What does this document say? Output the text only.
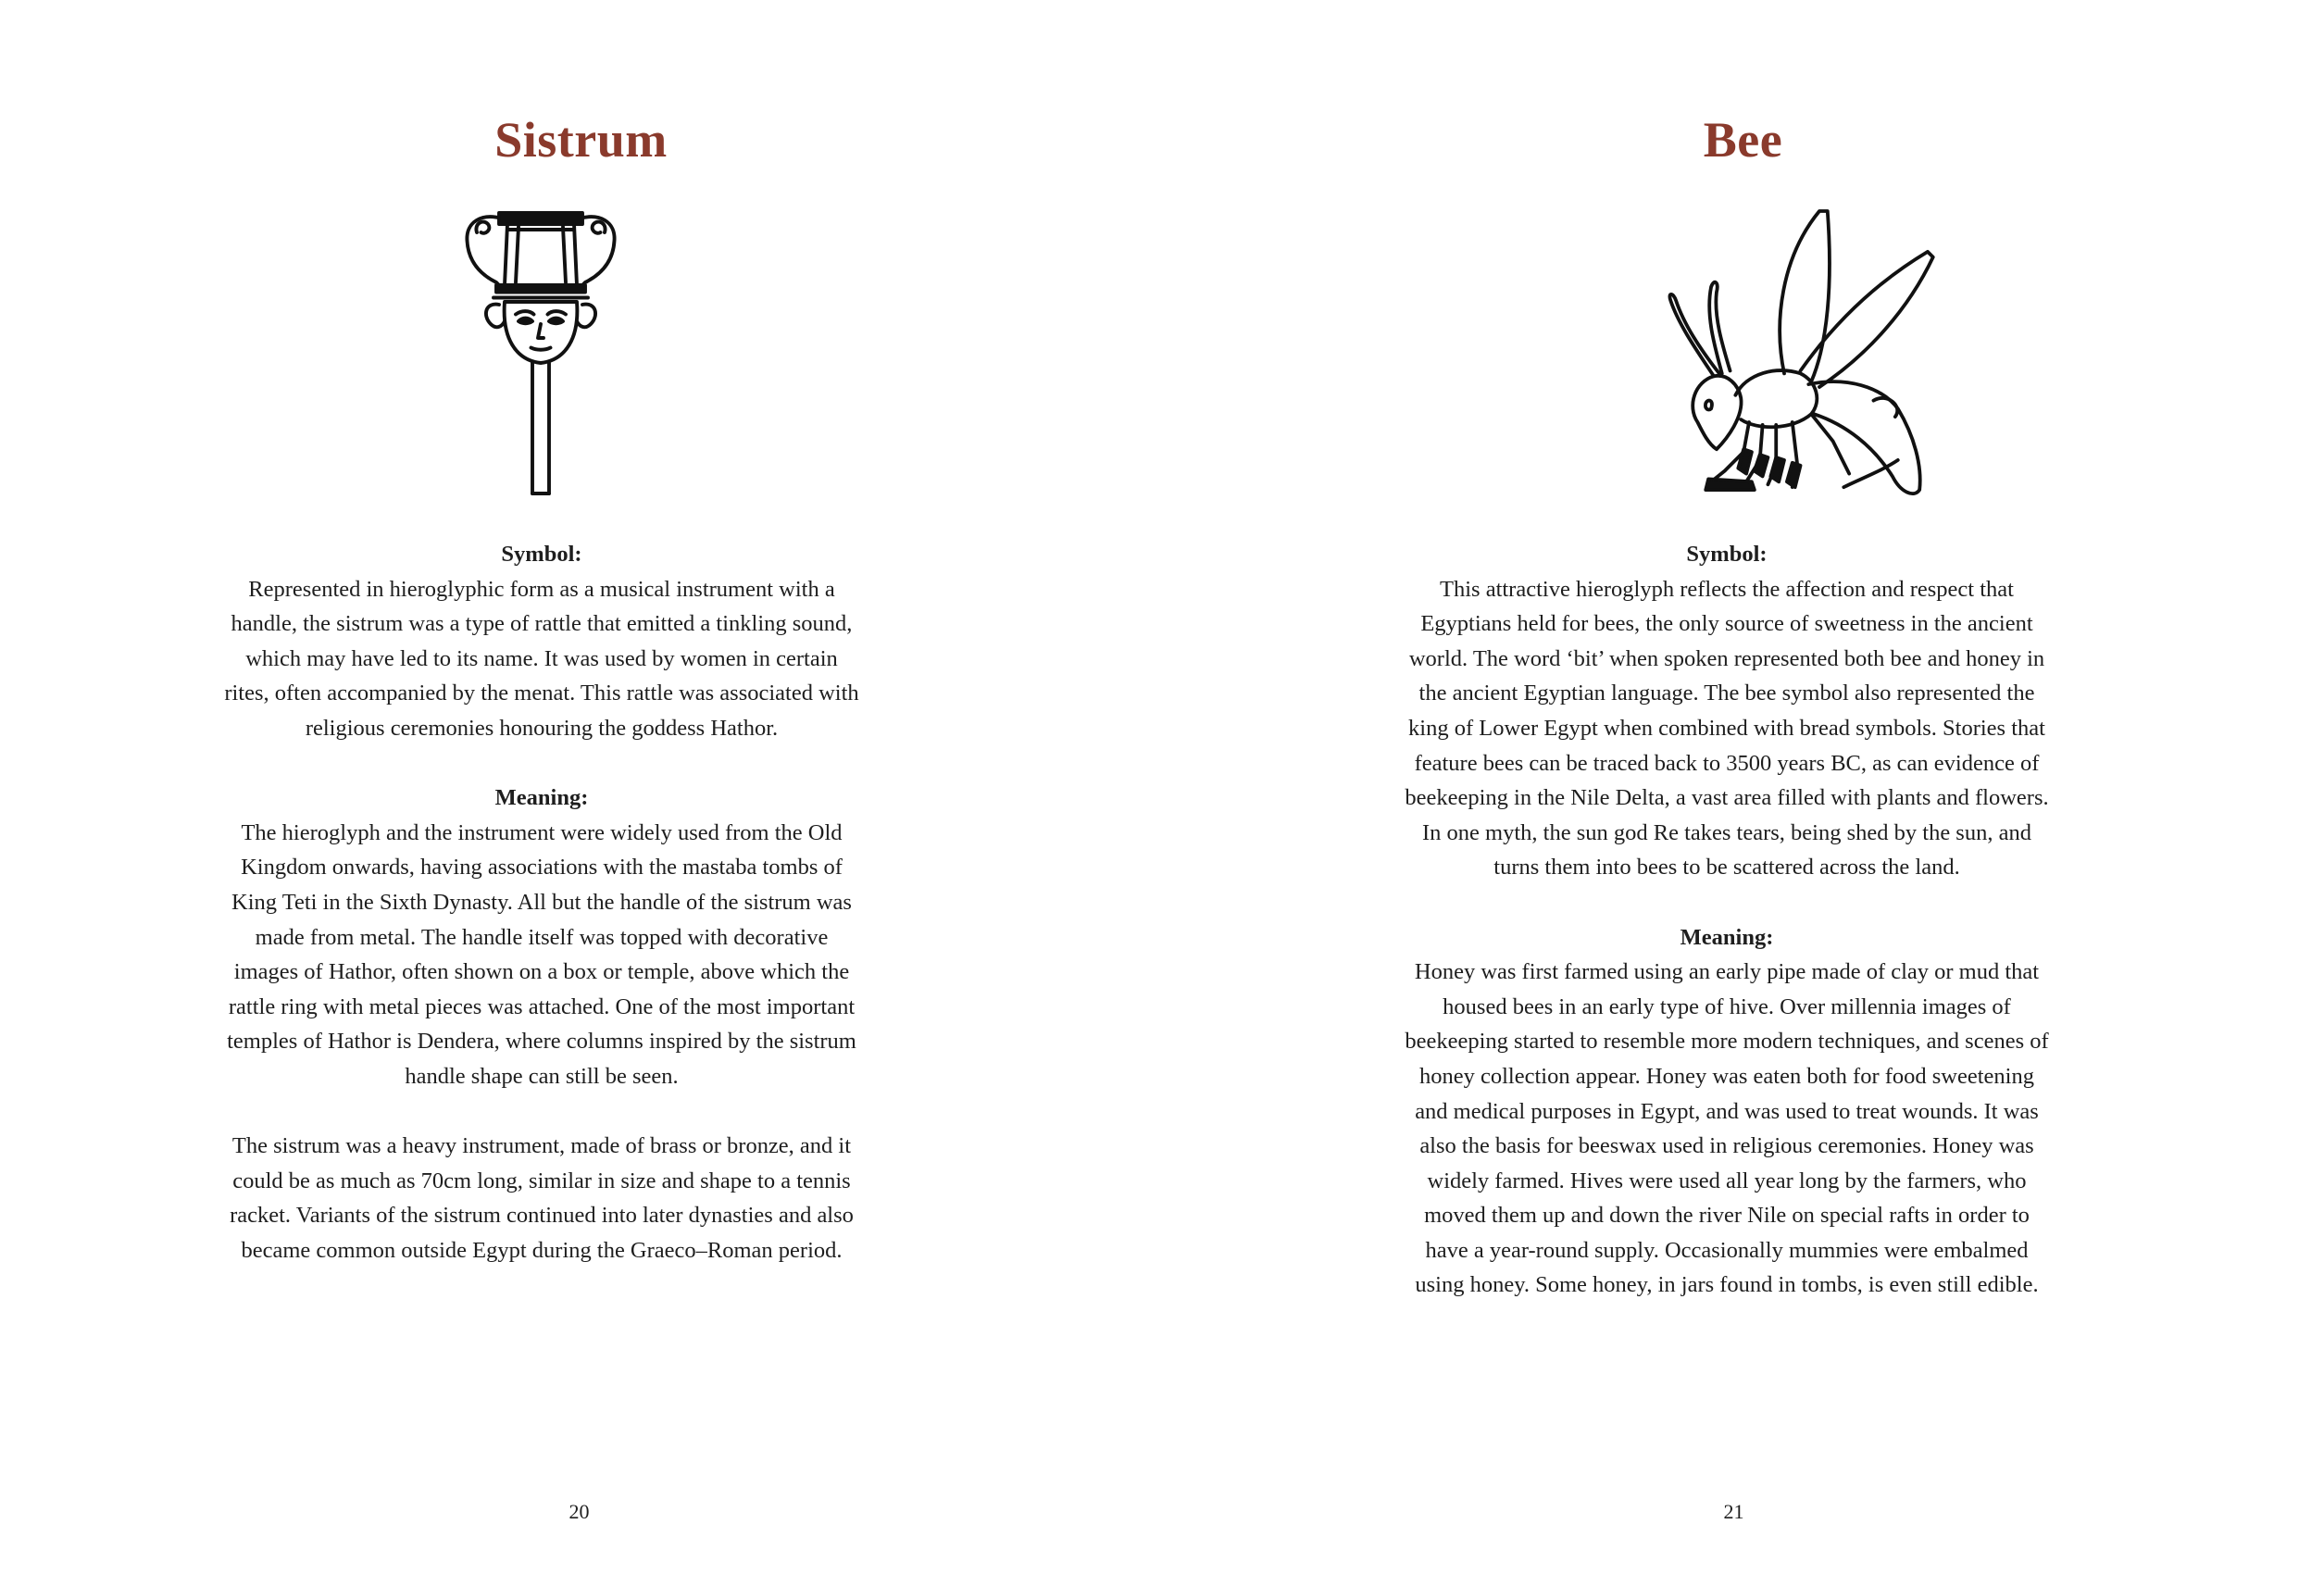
Sistrum
Symbol:
Represented in hieroglyphic form as a musical instrument with a handle, the sistrum was a type of rattle that emitted a tinkling sound, which may have led to its name. It was used by women in certain rites, often accompanied by the menat. This rattle was associated with religious ceremonies honouring the goddess Hathor.
Meaning:
The hieroglyph and the instrument were widely used from the Old Kingdom onwards, having associations with the mastaba tombs of King Teti in the Sixth Dynasty. All but the handle of the sistrum was made from metal. The handle itself was topped with decorative images of Hathor, often shown on a box or temple, above which the rattle ring with metal pieces was attached. One of the most important temples of Hathor is Dendera, where columns inspired by the sistrum handle shape can still be seen.
The sistrum was a heavy instrument, made of brass or bronze, and it could be as much as 70cm long, similar in size and shape to a tennis racket. Variants of the sistrum continued into later dynasties and also became common outside Egypt during the Graeco–Roman period.
20
Bee
Symbol:
This attractive hieroglyph reflects the affection and respect that Egyptians held for bees, the only source of sweetness in the ancient world. The word ‘bit’ when spoken represented both bee and honey in the ancient Egyptian language. The bee symbol also represented the king of Lower Egypt when combined with bread symbols. Stories that feature bees can be traced back to 3500 years BC, as can evidence of beekeeping in the Nile Delta, a vast area filled with plants and flowers. In one myth, the sun god Re takes tears, being shed by the sun, and turns them into bees to be scattered across the land.
Meaning:
Honey was first farmed using an early pipe made of clay or mud that housed bees in an early type of hive. Over millennia images of beekeeping started to resemble more modern techniques, and scenes of honey collection appear. Honey was eaten both for food sweetening and medical purposes in Egypt, and was used to treat wounds. It was also the basis for beeswax used in religious ceremonies. Honey was widely farmed. Hives were used all year long by the farmers, who moved them up and down the river Nile on special rafts in order to have a year-round supply. Occasionally mummies were embalmed using honey. Some honey, in jars found in tombs, is even still edible.
21
